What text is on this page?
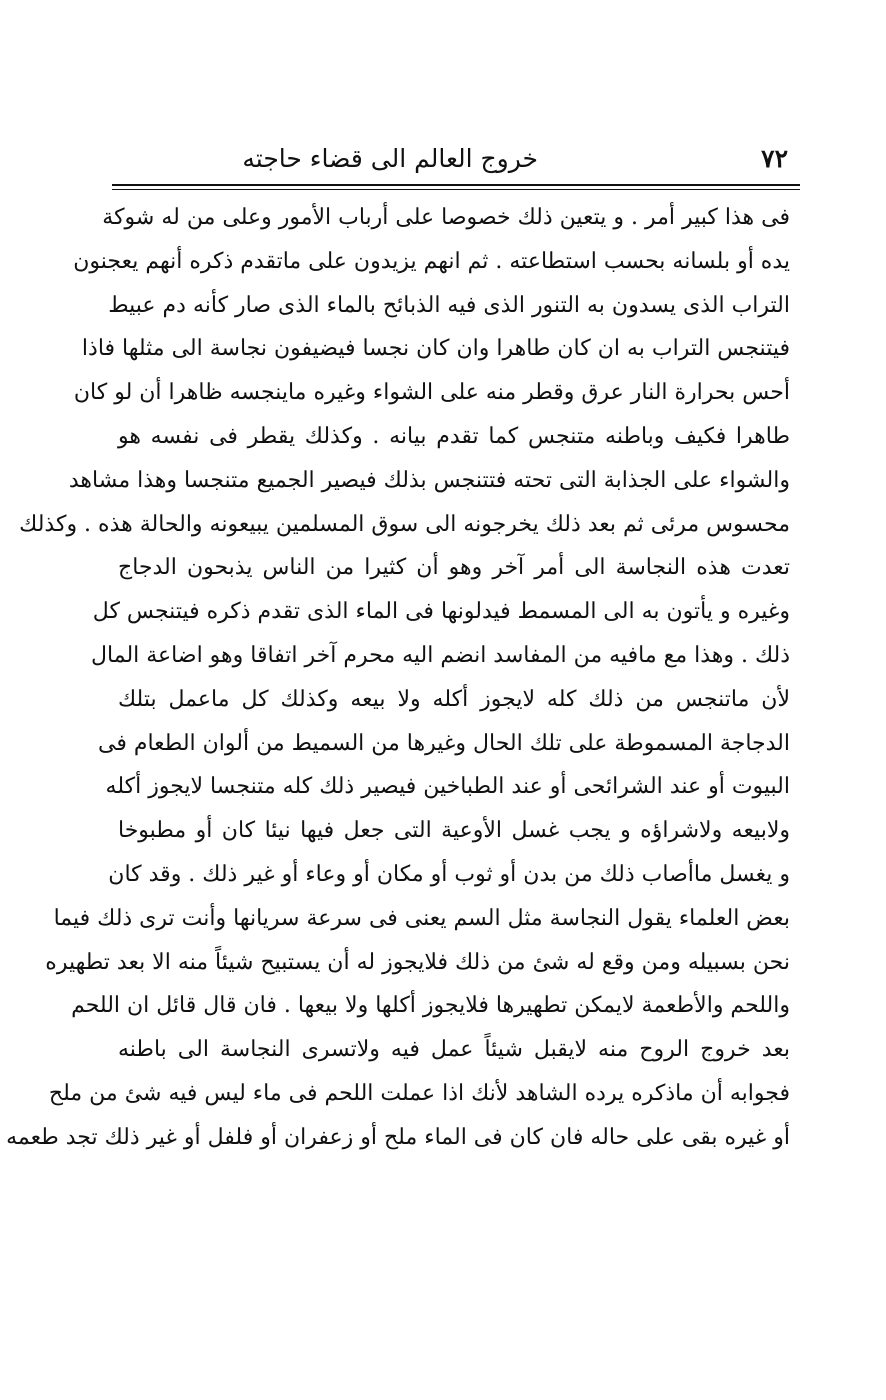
٧٢
خروج العالم الى قضاء حاجته
فى هذا كبير أمر . و يتعين ذلك خصوصا على أرباب الأمور وعلى من له شوكة
يده أو بلسانه بحسب استطاعته . ثم انهم يزيدون على ماتقدم ذكره أنهم يعجنون
التراب الذى يسدون به التنور الذى فيه الذبائح بالماء الذى صار كأنه دم عبيط
فيتنجس التراب به ان كان طاهرا وان كان نجسا فيضيفون نجاسة الى مثلها فاذا
أحس بحرارة النار عرق وقطر منه على الشواء وغيره ماينجسه ظاهرا أن لو كان
طاهرا فكيف وباطنه متنجس كما تقدم بيانه . وكذلك يقطر فى نفسه هو
والشواء على الجذابة التى تحته فتتنجس بذلك فيصير الجميع متنجسا وهذا مشاهد
محسوس مرئى ثم بعد ذلك يخرجونه الى سوق المسلمين يبيعونه والحالة هذه . وكذلك
تعدت هذه النجاسة الى أمر آخر وهو أن كثيرا من الناس يذبحون الدجاج
وغيره و يأتون به الى المسمط فيدلونها فى الماء الذى تقدم ذكره فيتنجس كل
ذلك . وهذا مع مافيه من المفاسد انضم اليه محرم آخر اتفاقا وهو اضاعة المال
لأن ماتنجس من ذلك كله لايجوز أكله ولا بيعه وكذلك كل ماعمل بتلك
الدجاجة المسموطة على تلك الحال وغيرها من السميط من ألوان الطعام فى
البيوت أو عند الشرائحى أو عند الطباخين فيصير ذلك كله متنجسا لايجوز أكله
ولابيعه ولاشراؤه و يجب غسل الأوعية التى جعل فيها نيئا كان أو مطبوخا
و يغسل ماأصاب ذلك من بدن أو ثوب أو مكان أو وعاء أو غير ذلك . وقد كان
بعض العلماء يقول النجاسة مثل السم يعنى فى سرعة سريانها وأنت ترى ذلك فيما
نحن بسبيله ومن وقع له شئ من ذلك فلايجوز له أن يستبيح شيئاً منه الا بعد تطهيره
واللحم والأطعمة لايمكن تطهيرها فلايجوز أكلها ولا بيعها . فان قال قائل ان اللحم
بعد خروج الروح منه لايقبل شيئاً عمل فيه ولاتسرى النجاسة الى باطنه
فجوابه أن ماذكره يرده الشاهد لأنك اذا عملت اللحم فى ماء ليس فيه شئ من ملح
أو غيره بقى على حاله فان كان فى الماء ملح أو زعفران أو فلفل أو غير ذلك تجد طعمه
